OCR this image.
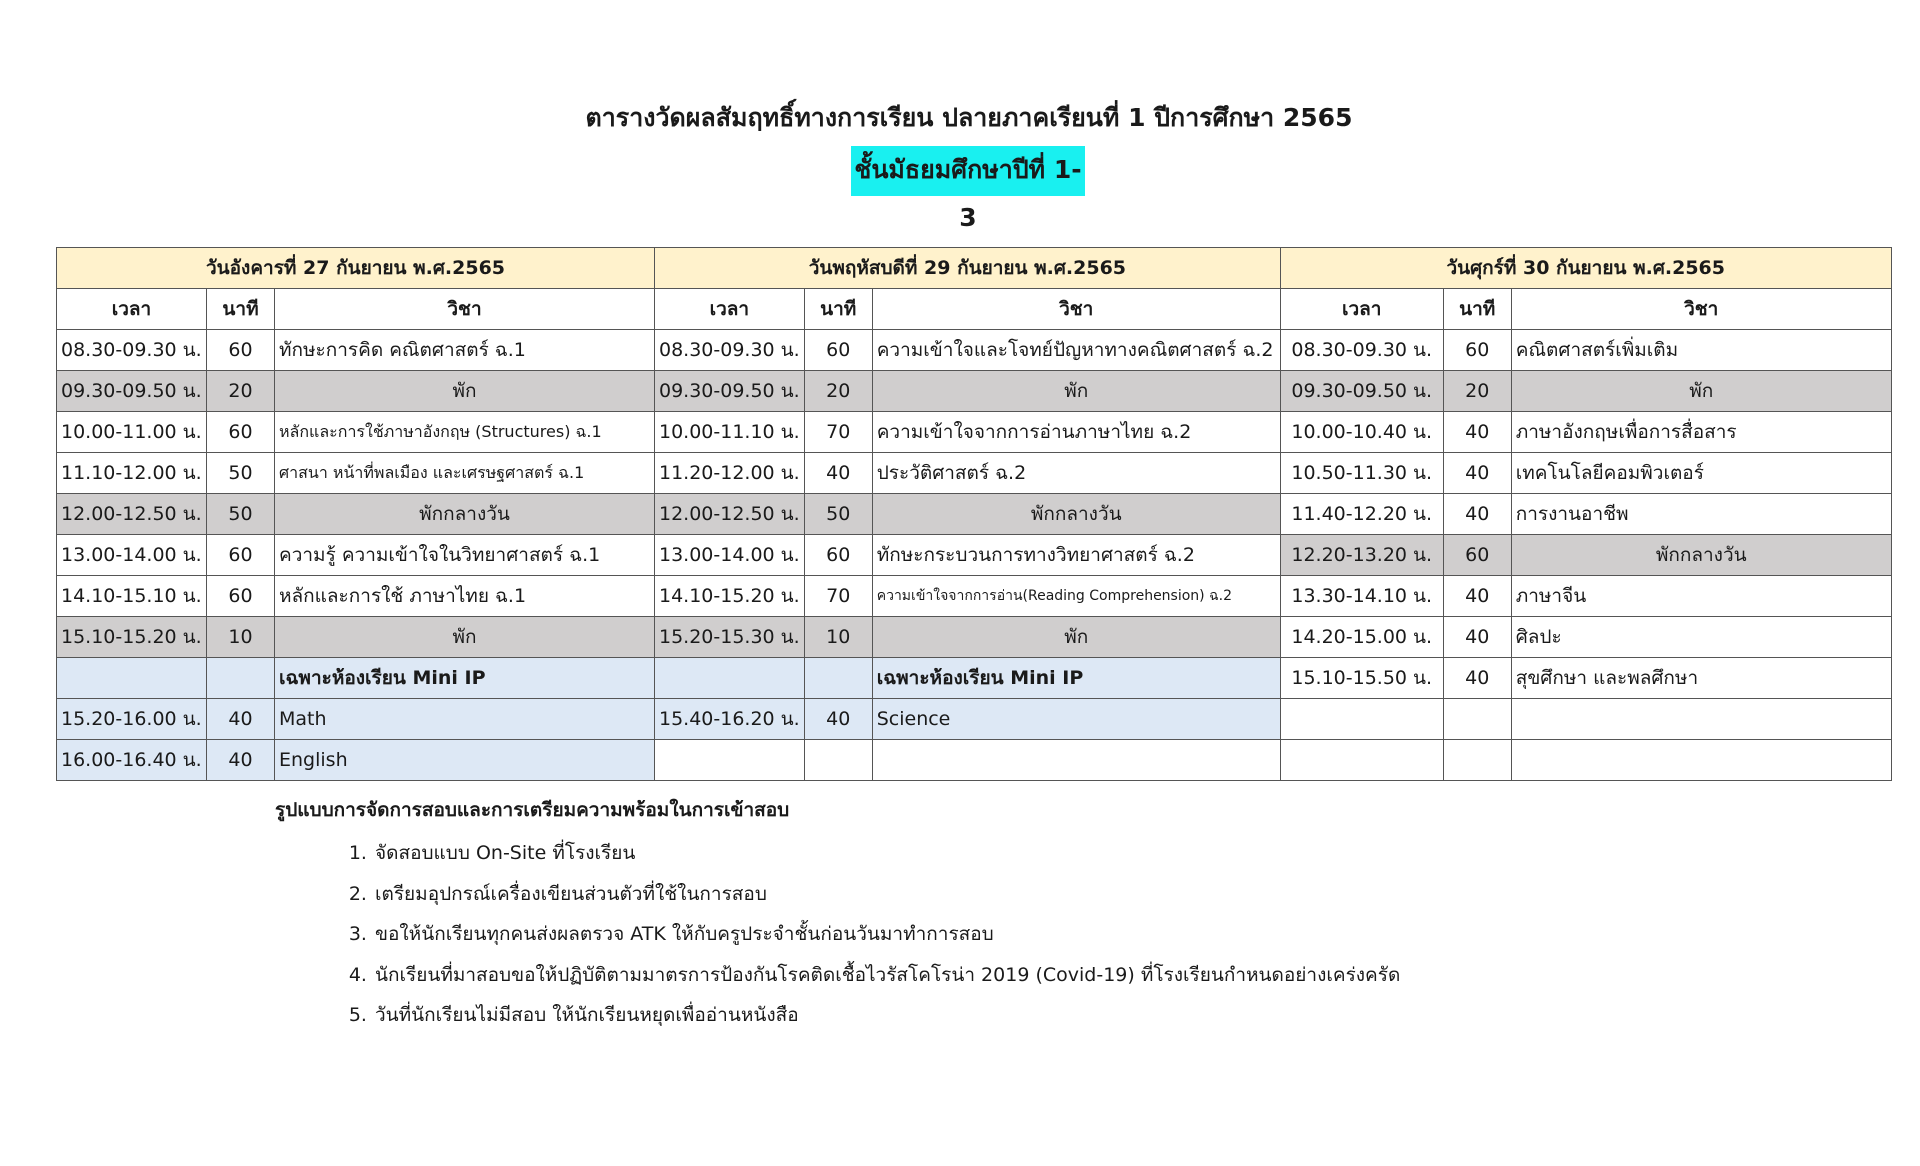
ตารางวัดผลสัมฤทธิ์ทางการเรียน ปลายภาคเรียนที่ 1 ปีการศึกษา 2565
ชั้นมัธยมศึกษาปีที่ 1-3
วันอังคารที่ 27 กันยายน พ.ศ.2565			วันพฤหัสบดีที่ 29 กันยายน พ.ศ.2565			วันศุกร์ที่ 30 กันยายน พ.ศ.2565		
เวลา	นาที	วิชา	เวลา	นาที	วิชา	เวลา	นาที	วิชา
08.30-09.30 น.	60	ทักษะการคิด คณิตศาสตร์ ฉ.1	08.30-09.30 น.	60	ความเข้าใจและโจทย์ปัญหาทางคณิตศาสตร์ ฉ.2	08.30-09.30 น.	60	คณิตศาสตร์เพิ่มเติม
09.30-09.50 น.	20	พัก	09.30-09.50 น.	20	พัก	09.30-09.50 น.	20	พัก
10.00-11.00 น.	60	หลักและการใช้ภาษาอังกฤษ (Structures) ฉ.1	10.00-11.10 น.	70	ความเข้าใจจากการอ่านภาษาไทย ฉ.2	10.00-10.40 น.	40	ภาษาอังกฤษเพื่อการสื่อสาร
11.10-12.00 น.	50	ศาสนา หน้าที่พลเมือง และเศรษฐศาสตร์ ฉ.1	11.20-12.00 น.	40	ประวัติศาสตร์ ฉ.2	10.50-11.30 น.	40	เทคโนโลยีคอมพิวเตอร์
12.00-12.50 น.	50	พักกลางวัน	12.00-12.50 น.	50	พักกลางวัน	11.40-12.20 น.	40	การงานอาชีพ
13.00-14.00 น.	60	ความรู้ ความเข้าใจในวิทยาศาสตร์ ฉ.1	13.00-14.00 น.	60	ทักษะกระบวนการทางวิทยาศาสตร์ ฉ.2	12.20-13.20 น.	60	พักกลางวัน
14.10-15.10 น.	60	หลักและการใช้ ภาษาไทย ฉ.1	14.10-15.20 น.	70	ความเข้าใจจากการอ่าน(Reading Comprehension) ฉ.2	13.30-14.10 น.	40	ภาษาจีน
15.10-15.20 น.	10	พัก	15.20-15.30 น.	10	พัก	14.20-15.00 น.	40	ศิลปะ
		เฉพาะห้องเรียน Mini IP			เฉพาะห้องเรียน Mini IP	15.10-15.50 น.	40	สุขศึกษา และพลศึกษา
15.20-16.00 น.	40	Math	15.40-16.20 น.	40	Science			
16.00-16.40 น.	40	English						
รูปแบบการจัดการสอบและการเตรียมความพร้อมในการเข้าสอบ
1. จัดสอบแบบ On-Site ที่โรงเรียน
2. เตรียมอุปกรณ์เครื่องเขียนส่วนตัวที่ใช้ในการสอบ
3. ขอให้นักเรียนทุกคนส่งผลตรวจ ATK ให้กับครูประจำชั้นก่อนวันมาทำการสอบ
4. นักเรียนที่มาสอบขอให้ปฏิบัติตามมาตรการป้องกันโรคติดเชื้อไวรัสโคโรน่า 2019 (Covid-19) ที่โรงเรียนกำหนดอย่างเคร่งครัด
5. วันที่นักเรียนไม่มีสอบ ให้นักเรียนหยุดเพื่ออ่านหนังสือ
